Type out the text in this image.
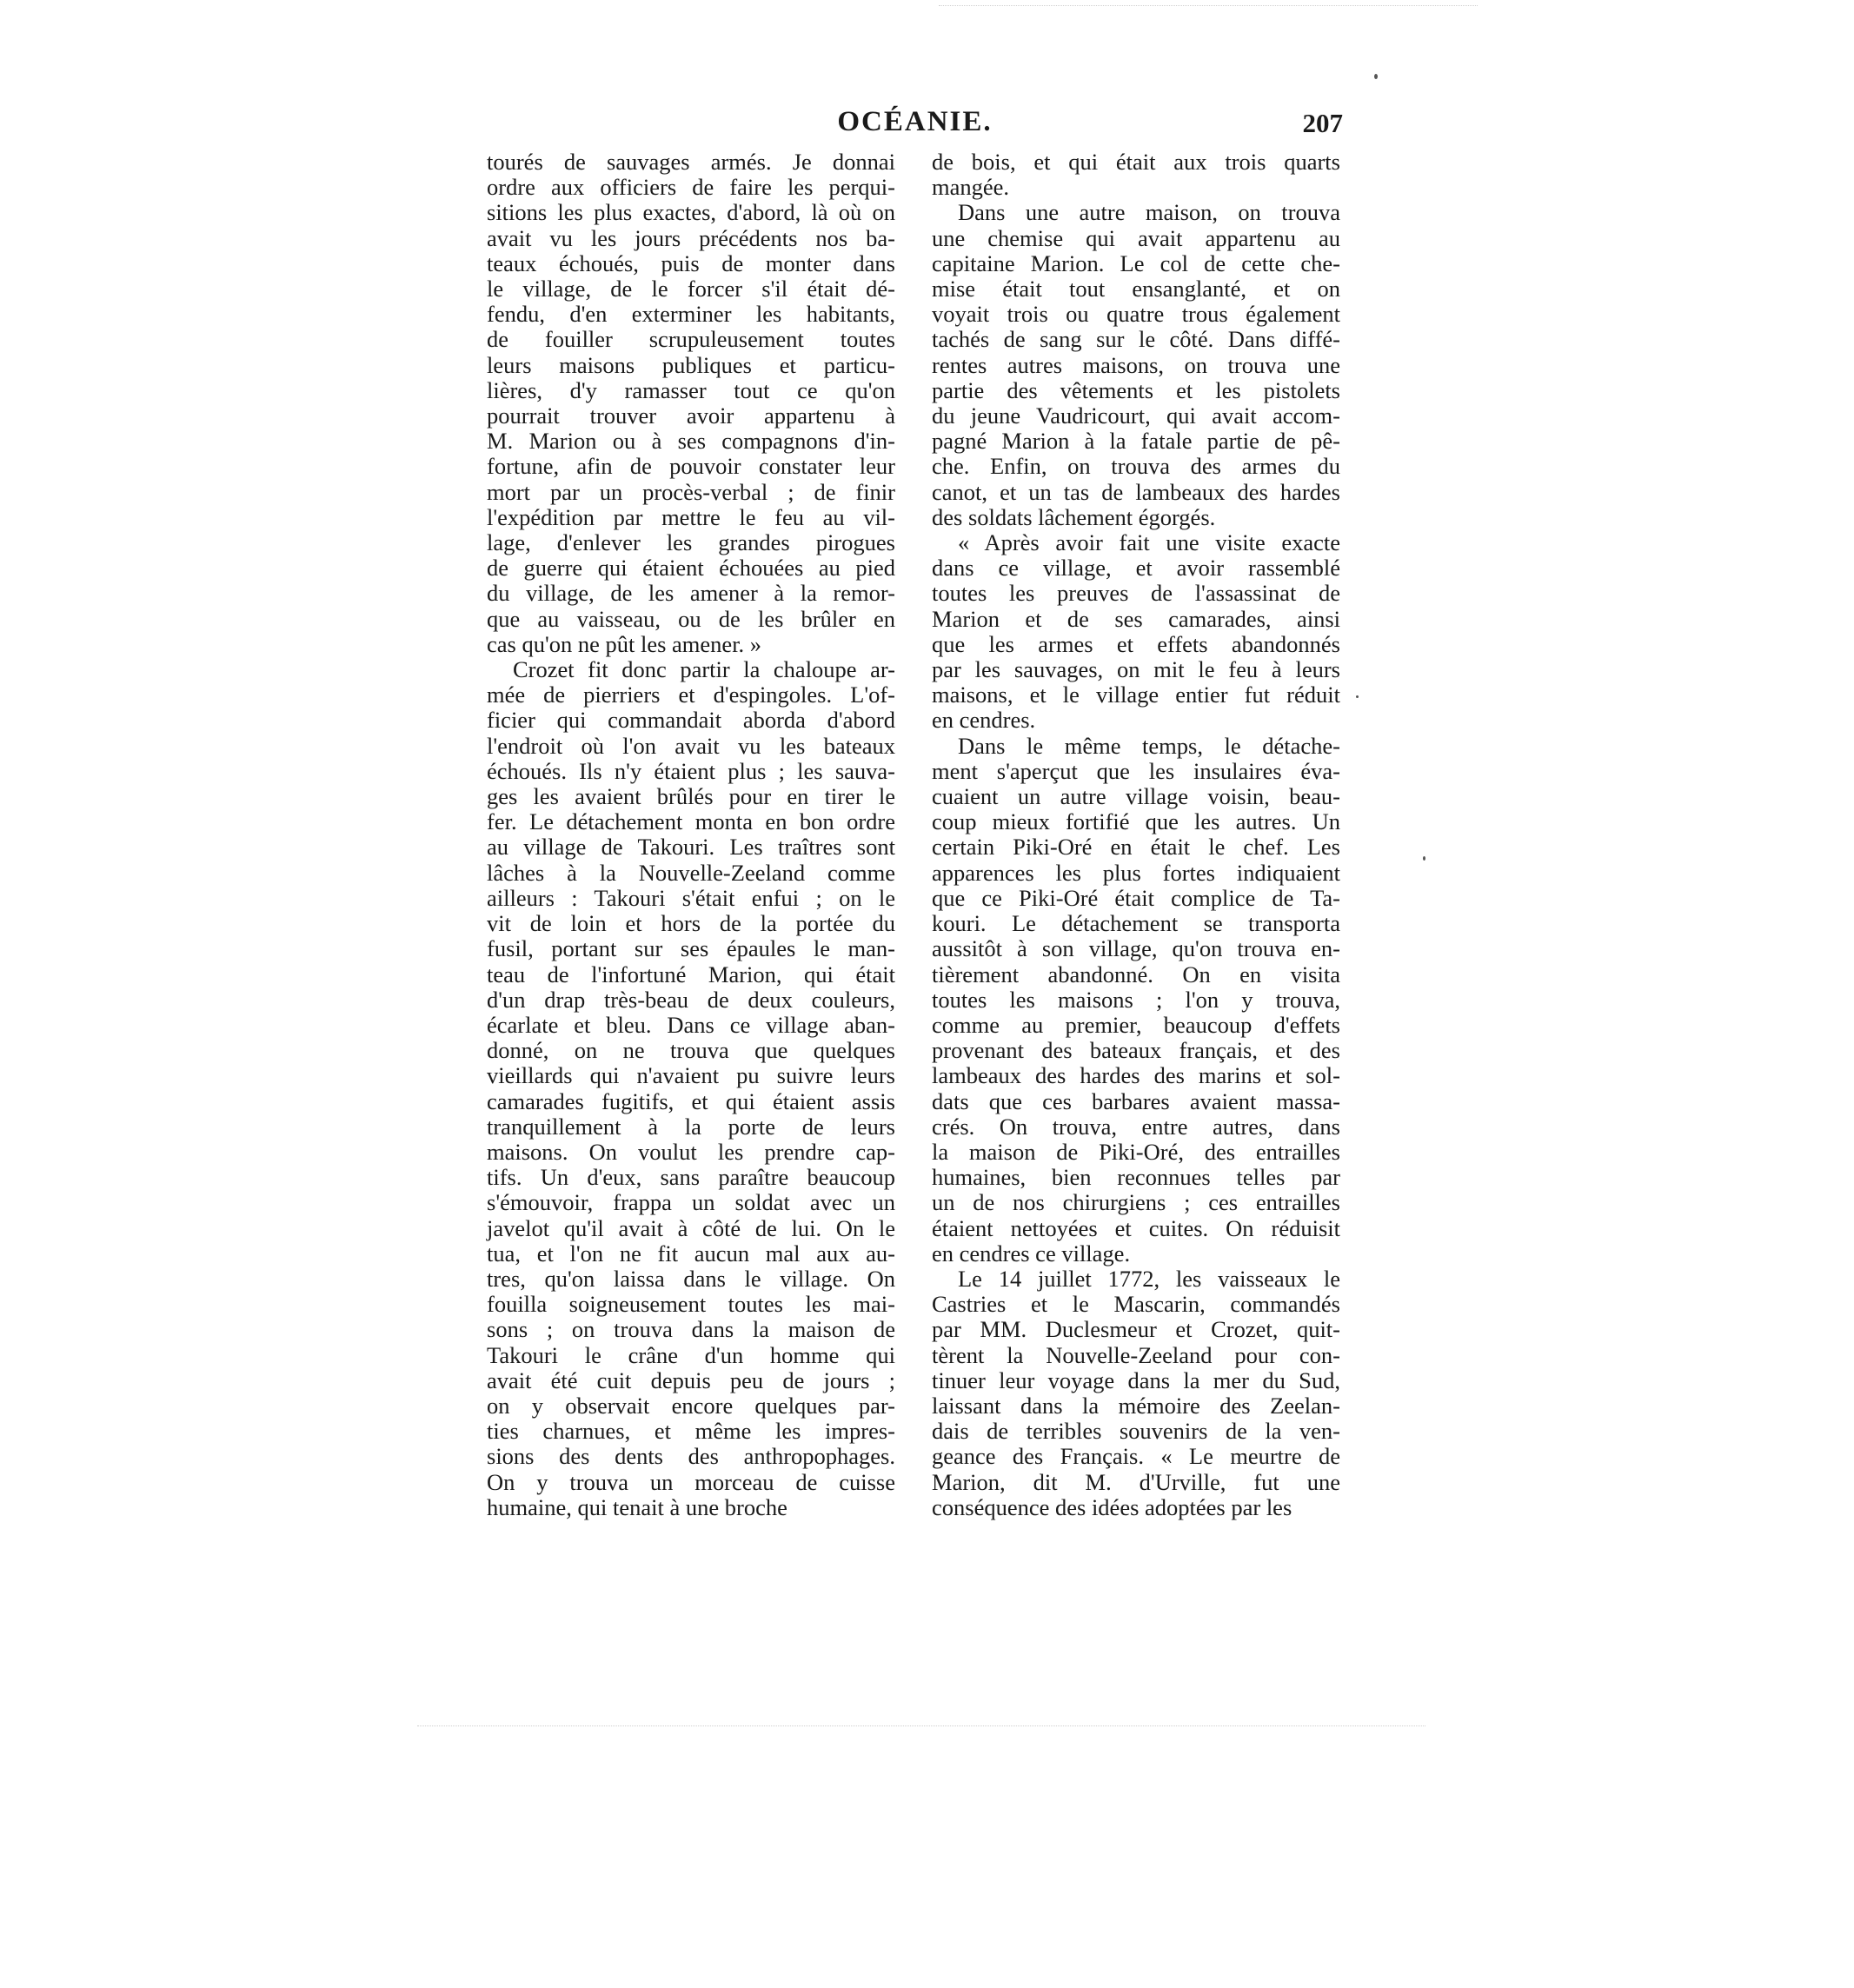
OCÉANIE.	207

tourés de sauvages armés. Je donnai
ordre aux officiers de faire les perqui-
sitions les plus exactes, d'abord, là où on
avait vu les jours précédents nos ba-
teaux échoués, puis de monter dans
le village, de le forcer s'il était dé-
fendu, d'en exterminer les habitants,
de fouiller scrupuleusement toutes
leurs maisons publiques et particu-
lières, d'y ramasser tout ce qu'on
pourrait trouver avoir appartenu à
M. Marion ou à ses compagnons d'in-
fortune, afin de pouvoir constater leur
mort par un procès-verbal ; de finir
l'expédition par mettre le feu au vil-
lage, d'enlever les grandes pirogues
de guerre qui étaient échouées au pied
du village, de les amener à la remor-
que au vaisseau, ou de les brûler en
cas qu'on ne pût les amener. »

Crozet fit donc partir la chaloupe ar-
mée de pierriers et d'espingoles. L'of-
ficier qui commandait aborda d'abord
l'endroit où l'on avait vu les bateaux
échoués. Ils n'y étaient plus ; les sauva-
ges les avaient brûlés pour en tirer le
fer. Le détachement monta en bon ordre
au village de Takouri. Les traîtres sont
lâches à la Nouvelle-Zeeland comme
ailleurs : Takouri s'était enfui ; on le
vit de loin et hors de la portée du
fusil, portant sur ses épaules le man-
teau de l'infortuné Marion, qui était
d'un drap très-beau de deux couleurs,
écarlate et bleu. Dans ce village aban-
donné, on ne trouva que quelques
vieillards qui n'avaient pu suivre leurs
camarades fugitifs, et qui étaient assis
tranquillement à la porte de leurs
maisons. On voulut les prendre cap-
tifs. Un d'eux, sans paraître beaucoup
s'émouvoir, frappa un soldat avec un
javelot qu'il avait à côté de lui. On le
tua, et l'on ne fit aucun mal aux au-
tres, qu'on laissa dans le village. On
fouilla soigneusement toutes les mai-
sons ; on trouva dans la maison de
Takouri le crâne d'un homme qui
avait été cuit depuis peu de jours ;
on y observait encore quelques par-
ties charnues, et même les impres-
sions des dents des anthropophages.
On y trouva un morceau de cuisse
humaine, qui tenait à une broche

de bois, et qui était aux trois quarts
mangée.

Dans une autre maison, on trouva
une chemise qui avait appartenu au
capitaine Marion. Le col de cette che-
mise était tout ensanglanté, et on
voyait trois ou quatre trous également
tachés de sang sur le côté. Dans diffé-
rentes autres maisons, on trouva une
partie des vêtements et les pistolets
du jeune Vaudricourt, qui avait accom-
pagné Marion à la fatale partie de pê-
che. Enfin, on trouva des armes du
canot, et un tas de lambeaux des hardes
des soldats lâchement égorgés.

« Après avoir fait une visite exacte
dans ce village, et avoir rassemblé
toutes les preuves de l'assassinat de
Marion et de ses camarades, ainsi
que les armes et effets abandonnés
par les sauvages, on mit le feu à leurs
maisons, et le village entier fut réduit
en cendres.

Dans le même temps, le détache-
ment s'aperçut que les insulaires éva-
cuaient un autre village voisin, beau-
coup mieux fortifié que les autres. Un
certain Piki-Oré en était le chef. Les
apparences les plus fortes indiquaient
que ce Piki-Oré était complice de Ta-
kouri. Le détachement se transporta
aussitôt à son village, qu'on trouva en-
tièrement abandonné. On en visita
toutes les maisons ; l'on y trouva,
comme au premier, beaucoup d'effets
provenant des bateaux français, et des
lambeaux des hardes des marins et sol-
dats que ces barbares avaient massa-
crés. On trouva, entre autres, dans
la maison de Piki-Oré, des entrailles
humaines, bien reconnues telles par
un de nos chirurgiens ; ces entrailles
étaient nettoyées et cuites. On réduisit
en cendres ce village.

Le 14 juillet 1772, les vaisseaux le
Castries et le Mascarin, commandés
par MM. Duclesmeur et Crozet, quit-
tèrent la Nouvelle-Zeeland pour con-
tinuer leur voyage dans la mer du Sud,
laissant dans la mémoire des Zeelan-
dais de terribles souvenirs de la ven-
geance des Français. « Le meurtre de
Marion, dit M. d'Urville, fut une
conséquence des idées adoptées par les
